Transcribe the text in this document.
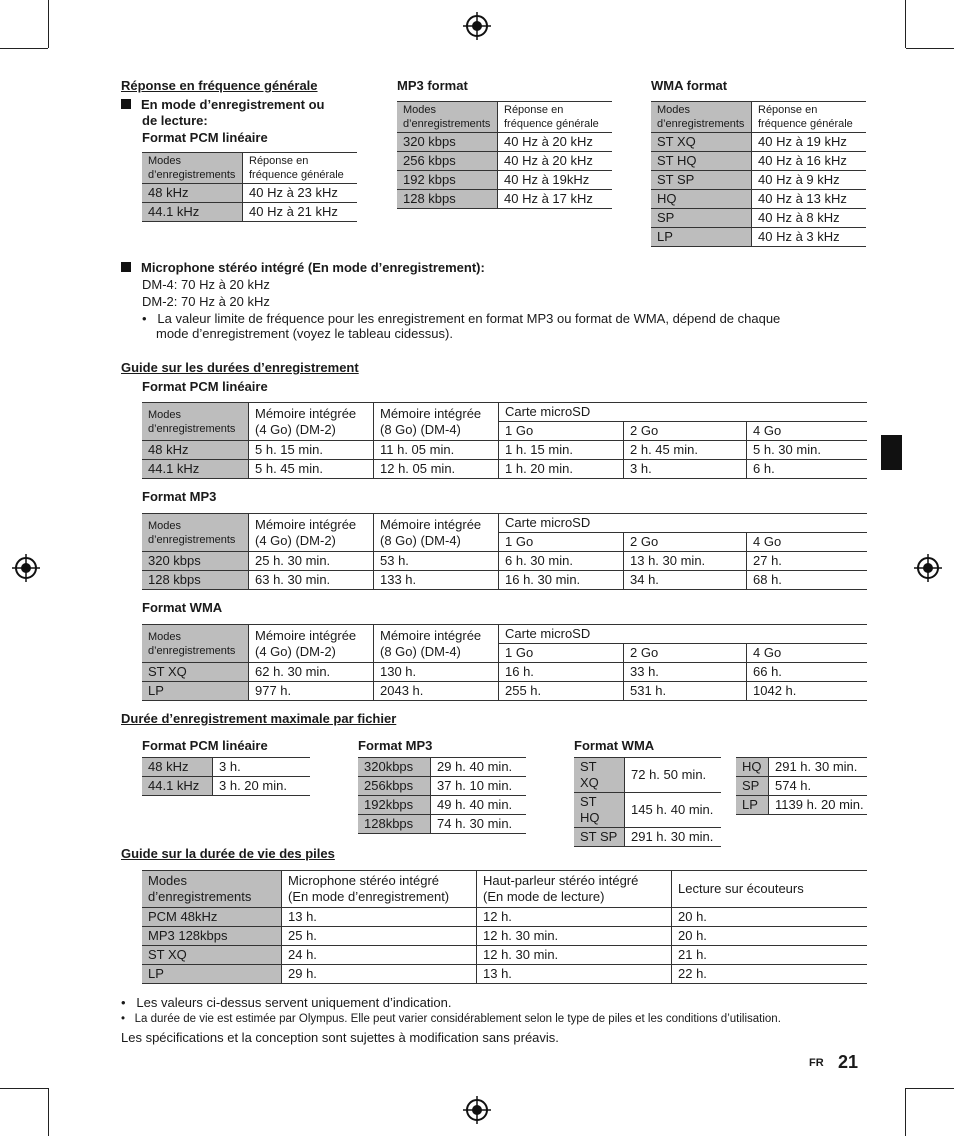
Réponse en fréquence générale

En mode d’enregistrement ou

de lecture:

Format PCM linéaire

Modes
d’enregistrements	Réponse en
fréquence générale
48 kHz	40 Hz à 23 kHz
44.1 kHz	40 Hz à 21 kHz

MP3 format

Modes
d’enregistrements	Réponse en
fréquence générale
320 kbps	40 Hz à 20 kHz
256 kbps	40 Hz à 20 kHz
192 kbps	40 Hz à 19kHz
128 kbps	40 Hz à 17 kHz

WMA format

Modes
d’enregistrements	Réponse en
fréquence générale
ST XQ	40 Hz à 19 kHz
ST HQ	40 Hz à 16 kHz
ST SP	40 Hz à 9 kHz
HQ	40 Hz à 13 kHz
SP	40 Hz à 8 kHz
LP	40 Hz à 3 kHz

Microphone stéréo intégré (En mode d’enregistrement):

DM-4: 70 Hz à 20 kHz

DM-2: 70 Hz à 20 kHz

•   La valeur limite de fréquence pour les enregistrement en format MP3 ou format de WMA, dépend de chaque

mode d’enregistrement (voyez le tableau cidessus).

Guide sur les durées d’enregistrement

Format PCM linéaire

Modes
d’enregistrements	Mémoire intégrée
(4 Go) (DM-2)	Mémoire intégrée
(8 Go) (DM-4)	Carte microSD		
			1 Go	2 Go	4 Go
48 kHz	5 h. 15 min.	11 h. 05 min.	1 h. 15 min.	2 h. 45 min.	5 h. 30 min.
44.1 kHz	5 h. 45 min.	12 h. 05 min.	1 h. 20 min.	3 h.	6 h.

Format MP3

Modes
d’enregistrements	Mémoire intégrée
(4 Go) (DM-2)	Mémoire intégrée
(8 Go) (DM-4)	Carte microSD		
			1 Go	2 Go	4 Go
320 kbps	25 h. 30 min.	53 h.	6 h. 30 min.	13 h. 30 min.	27 h.
128 kbps	63 h. 30 min.	133 h.	16 h. 30 min.	34 h.	68 h.

Format WMA

Modes
d’enregistrements	Mémoire intégrée
(4 Go) (DM-2)	Mémoire intégrée
(8 Go) (DM-4)	Carte microSD		
			1 Go	2 Go	4 Go
ST XQ	62 h. 30 min.	130 h.	16 h.	33 h.	66 h.
LP	977 h.	2043 h.	255 h.	531 h.	1042 h.

Durée d’enregistrement maximale par fichier

Format PCM linéaire

48 kHz	3 h.
44.1 kHz	3 h. 20 min.

Format MP3

320kbps	29 h. 40 min.
256kbps	37 h. 10 min.
192kbps	49 h. 40 min.
128kbps	74 h. 30 min.

Format WMA

ST XQ	72 h. 50 min.
ST HQ	145 h. 40 min.
ST SP	291 h. 30 min.
HQ	291 h. 30 min.
SP	574 h.
LP	1139 h. 20 min.

Guide sur la durée de vie des piles

Modes
d’enregistrements	Microphone stéréo intégré
(En mode d’enregistrement)	Haut-parleur stéréo intégré
(En mode de lecture)	Lecture sur écouteurs
PCM 48kHz	13 h.	12 h.	20 h.
MP3 128kbps	25 h.	12 h. 30 min.	20 h.
ST XQ	24 h.	12 h. 30 min.	21 h.
LP	29 h.	13 h.	22 h.

•   Les valeurs ci-dessus servent uniquement d’indication.

•   La durée de vie est estimée par Olympus. Elle peut varier considérablement selon le type de piles et les conditions d’utilisation.

Les spécifications et la conception sont sujettes à modification sans préavis.

FR 21
